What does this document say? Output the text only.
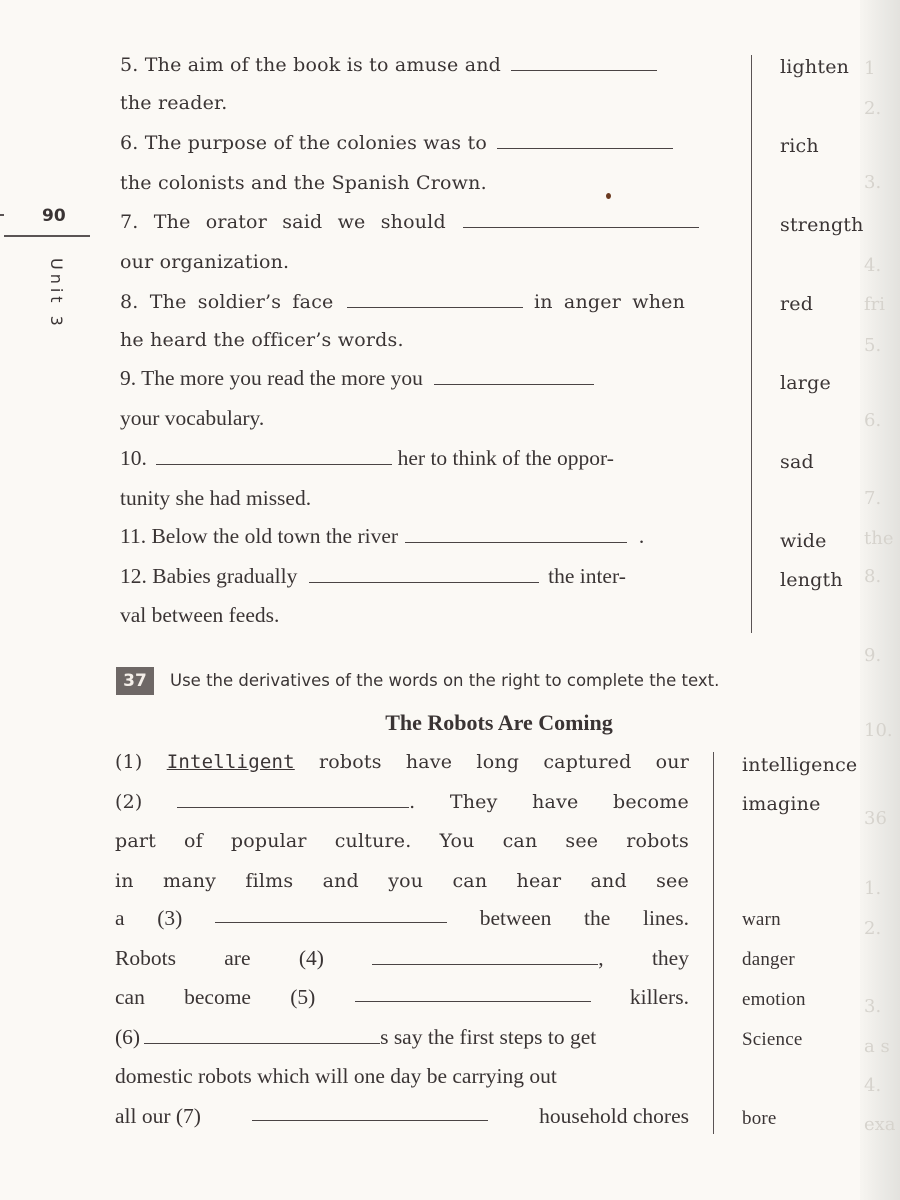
1
2.
3.
4.
fri
5.
6.
7.
the
8.
9.
10.
36
1.
2.
3.
a s
4.
exa
90
Unit 3
5. The aim of the book is to amuse and
the reader.
lighten
6. The purpose of the colonies was to
the colonists and the Spanish Crown.
rich
7. The orator said we should
our organization.
strength
8. The soldier’s face	in anger when
he heard the officer’s words.
red
9. The more you read the more you
your vocabulary.
large
10.	her to think of the oppor-
tunity she had missed.
sad
11. Below the old town the river	.	wide
12. Babies gradually	the inter-
val between feeds.
length
37	Use the derivatives of the words on the right to complete the text.
The Robots Are Coming
(1) Intelligent robots have long captured our	intelligence
(2)	. They have become	imagine
part of popular culture. You can see robots
in many films and you can hear and see
a (3)	between the lines.	warn
Robots are (4)	, they	danger
can become (5)	killers.	emotion
(6)	s say the first steps to get	Science
domestic robots which will one day be carrying out
all our (7)	household chores	bore
